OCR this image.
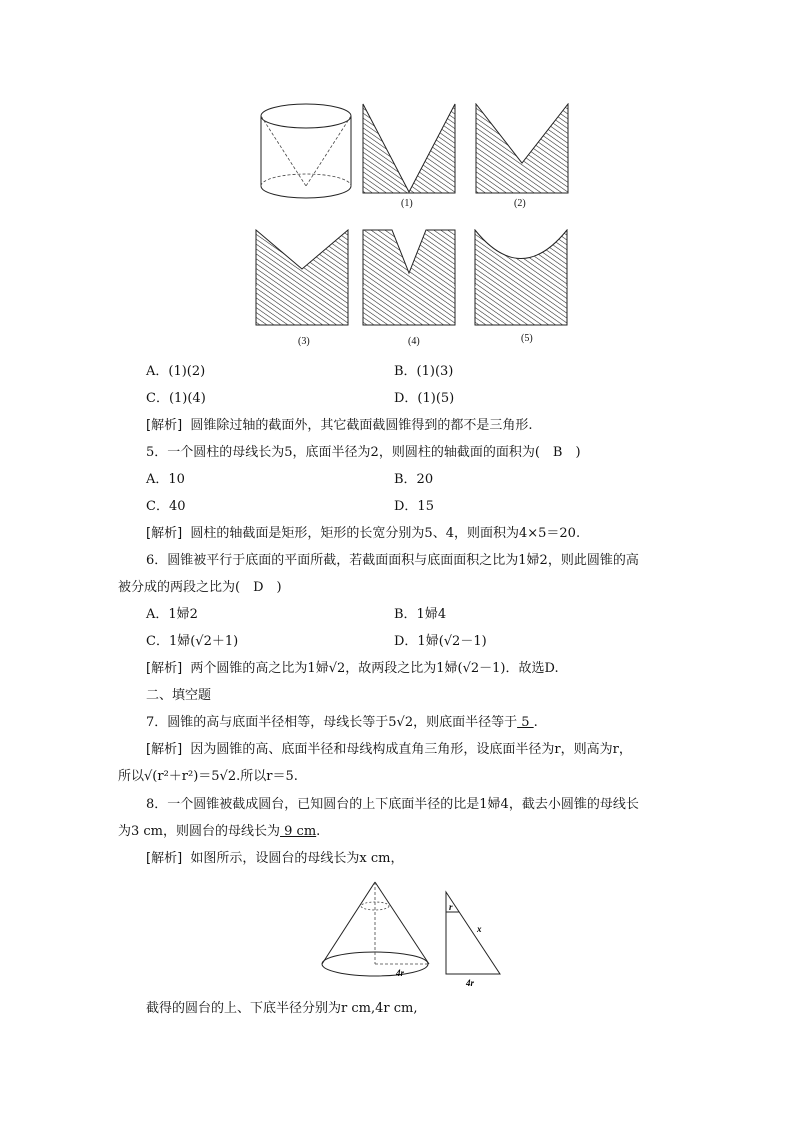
(1)	(2)
(3)	(4)	(5)
A．(1)(2)	B．(1)(3)
C．(1)(4)	D．(1)(5)
[解析] 圆锥除过轴的截面外，其它截面截圆锥得到的都不是三角形.
5．一个圆柱的母线长为5，底面半径为2，则圆柱的轴截面的面积为(　B　)
A．10	B．20
C．40	D．15
[解析] 圆柱的轴截面是矩形，矩形的长宽分别为5、4，则面积为4×5＝20.
6．圆锥被平行于底面的平面所截，若截面面积与底面面积之比为1婦2，则此圆锥的高
被分成的两段之比为(　D　)
A．1婦2	B．1婦4
C．1婦(√2＋1)	D．1婦(√2－1)
[解析] 两个圆锥的高之比为1婦√2，故两段之比为1婦(√2－1)．故选D.
二、填空题
7．圆锥的高与底面半径相等，母线长等于5√2，则底面半径等于 5 .
[解析] 因为圆锥的高、底面半径和母线构成直角三角形，设底面半径为r，则高为r，
所以√(r²＋r²)＝5√2.所以r＝5.
8．一个圆锥被截成圆台，已知圆台的上下底面半径的比是1婦4，截去小圆锥的母线长
为3 cm，则圆台的母线长为 9 cm.
[解析] 如图所示，设圆台的母线长为x cm，
4r
r
x
4r
截得的圆台的上、下底半径分别为r cm,4r cm,
